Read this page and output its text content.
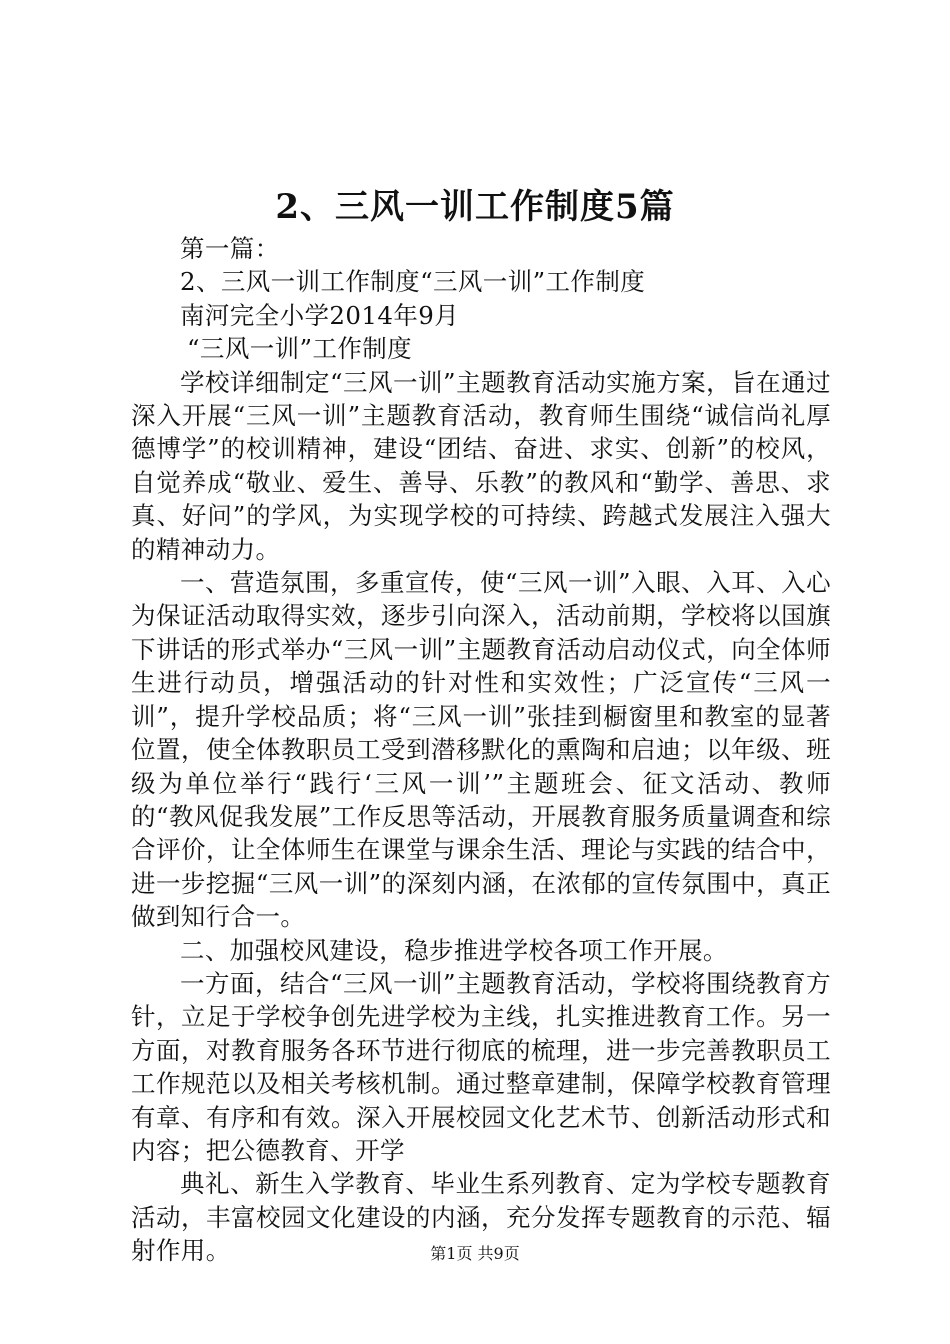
2、三风一训工作制度5篇

第一篇：

2、三风一训工作制度“三风一训”工作制度

南河完全小学2014年9月

“三风一训”工作制度

学校详细制定“三风一训”主题教育活动实施方案，旨在通过深入开展“三风一训”主题教育活动，教育师生围绕“诚信尚礼厚德博学”的校训精神，建设“团结、奋进、求实、创新”的校风，自觉养成“敬业、爱生、善导、乐教”的教风和“勤学、善思、求真、好问”的学风，为实现学校的可持续、跨越式发展注入强大的精神动力。

一、营造氛围，多重宣传，使“三风一训”入眼、入耳、入心为保证活动取得实效，逐步引向深入，活动前期，学校将以国旗下讲话的形式举办“三风一训”主题教育活动启动仪式，向全体师生进行动员，增强活动的针对性和实效性；广泛宣传“三风一训”，提升学校品质；将“三风一训”张挂到橱窗里和教室的显著位置，使全体教职员工受到潜移默化的熏陶和启迪；以年级、班级为单位举行“践行‘三风一训’”主题班会、征文活动、教师的“教风促我发展”工作反思等活动，开展教育服务质量调查和综合评价，让全体师生在课堂与课余生活、理论与实践的结合中，进一步挖掘“三风一训”的深刻内涵，在浓郁的宣传氛围中，真正做到知行合一。

二、加强校风建设，稳步推进学校各项工作开展。

一方面，结合“三风一训”主题教育活动，学校将围绕教育方针，立足于学校争创先进学校为主线，扎实推进教育工作。另一方面，对教育服务各环节进行彻底的梳理，进一步完善教职员工工作规范以及相关考核机制。通过整章建制，保障学校教育管理有章、有序和有效。深入开展校园文化艺术节、创新活动形式和内容；把公德教育、开学

典礼、新生入学教育、毕业生系列教育、定为学校专题教育活动，丰富校园文化建设的内涵，充分发挥专题教育的示范、辐射作用。	第1页 共9页
